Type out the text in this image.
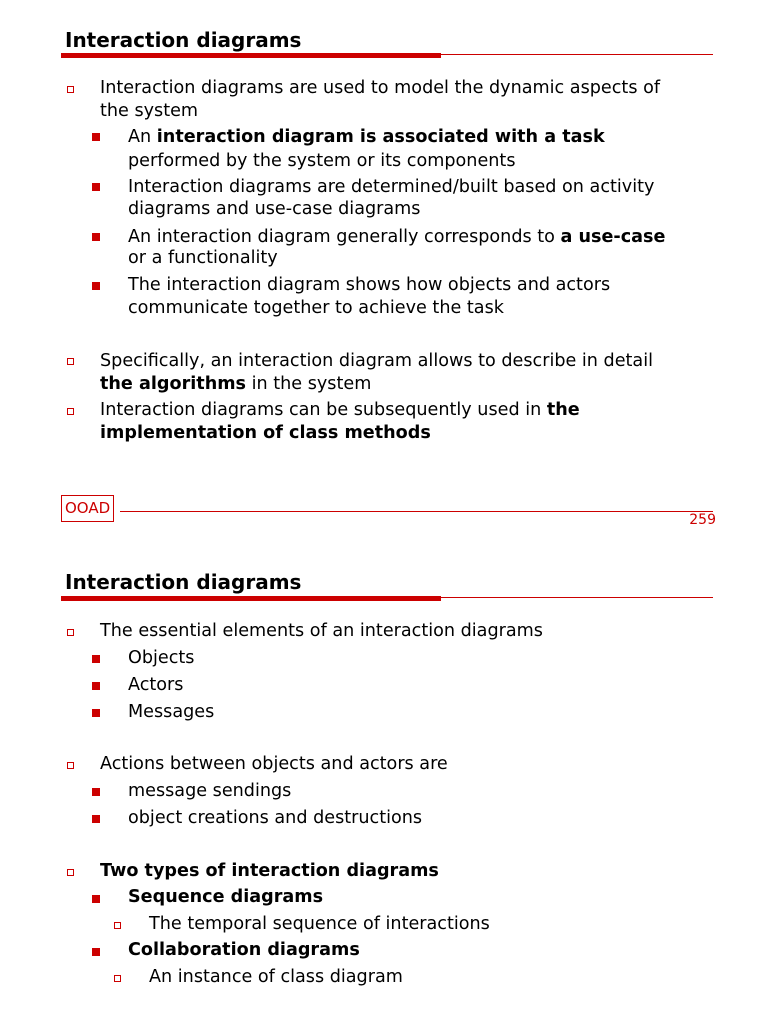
Interaction diagrams
Interaction diagrams are used to model the dynamic aspects of
the system
An interaction diagram is associated with a task
performed by the system or its components
Interaction diagrams are determined/built based on activity
diagrams and use-case diagrams
An interaction diagram generally corresponds to a use-case
or a functionality
The interaction diagram shows how objects and actors
communicate together to achieve the task
Specifically, an interaction diagram allows to describe in detail
the algorithms in the system
Interaction diagrams can be subsequently used in the
implementation of class methods
OOAD
259
Interaction diagrams
The essential elements of an interaction diagrams
Objects
Actors
Messages
Actions between objects and actors are
message sendings
object creations and destructions
Two types of interaction diagrams
Sequence diagrams
The temporal sequence of interactions
Collaboration diagrams
An instance of class diagram
